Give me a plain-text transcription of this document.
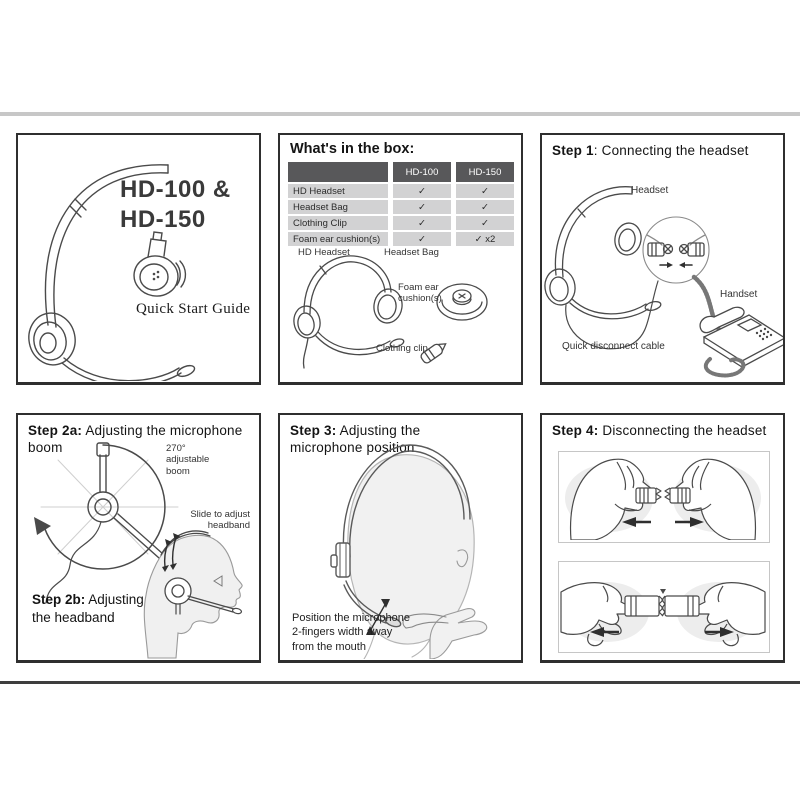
HD-100 &
HD-150
Quick Start Guide
What's in the box:
HD-100	HD-150
HD Headset	✓	✓
Headset Bag	✓	✓
Clothing Clip	✓	✓
Foam ear cushion(s)	✓	✓ x2
HD Headset	Headset Bag
Foam ear
cushion(s)
Clothing clip
Step 1: Connecting the headset
Headset
Handset
Quick disconnect cable
Step 2a: Adjusting the microphone boom	270°
adjustable
boom
Slide to adjust
headband
Step 2b: Adjusting
the headband
Step 3: Adjusting the
microphone position
Position the microphone
2-fingers width away
from the mouth
Step 4: Disconnecting the headset
